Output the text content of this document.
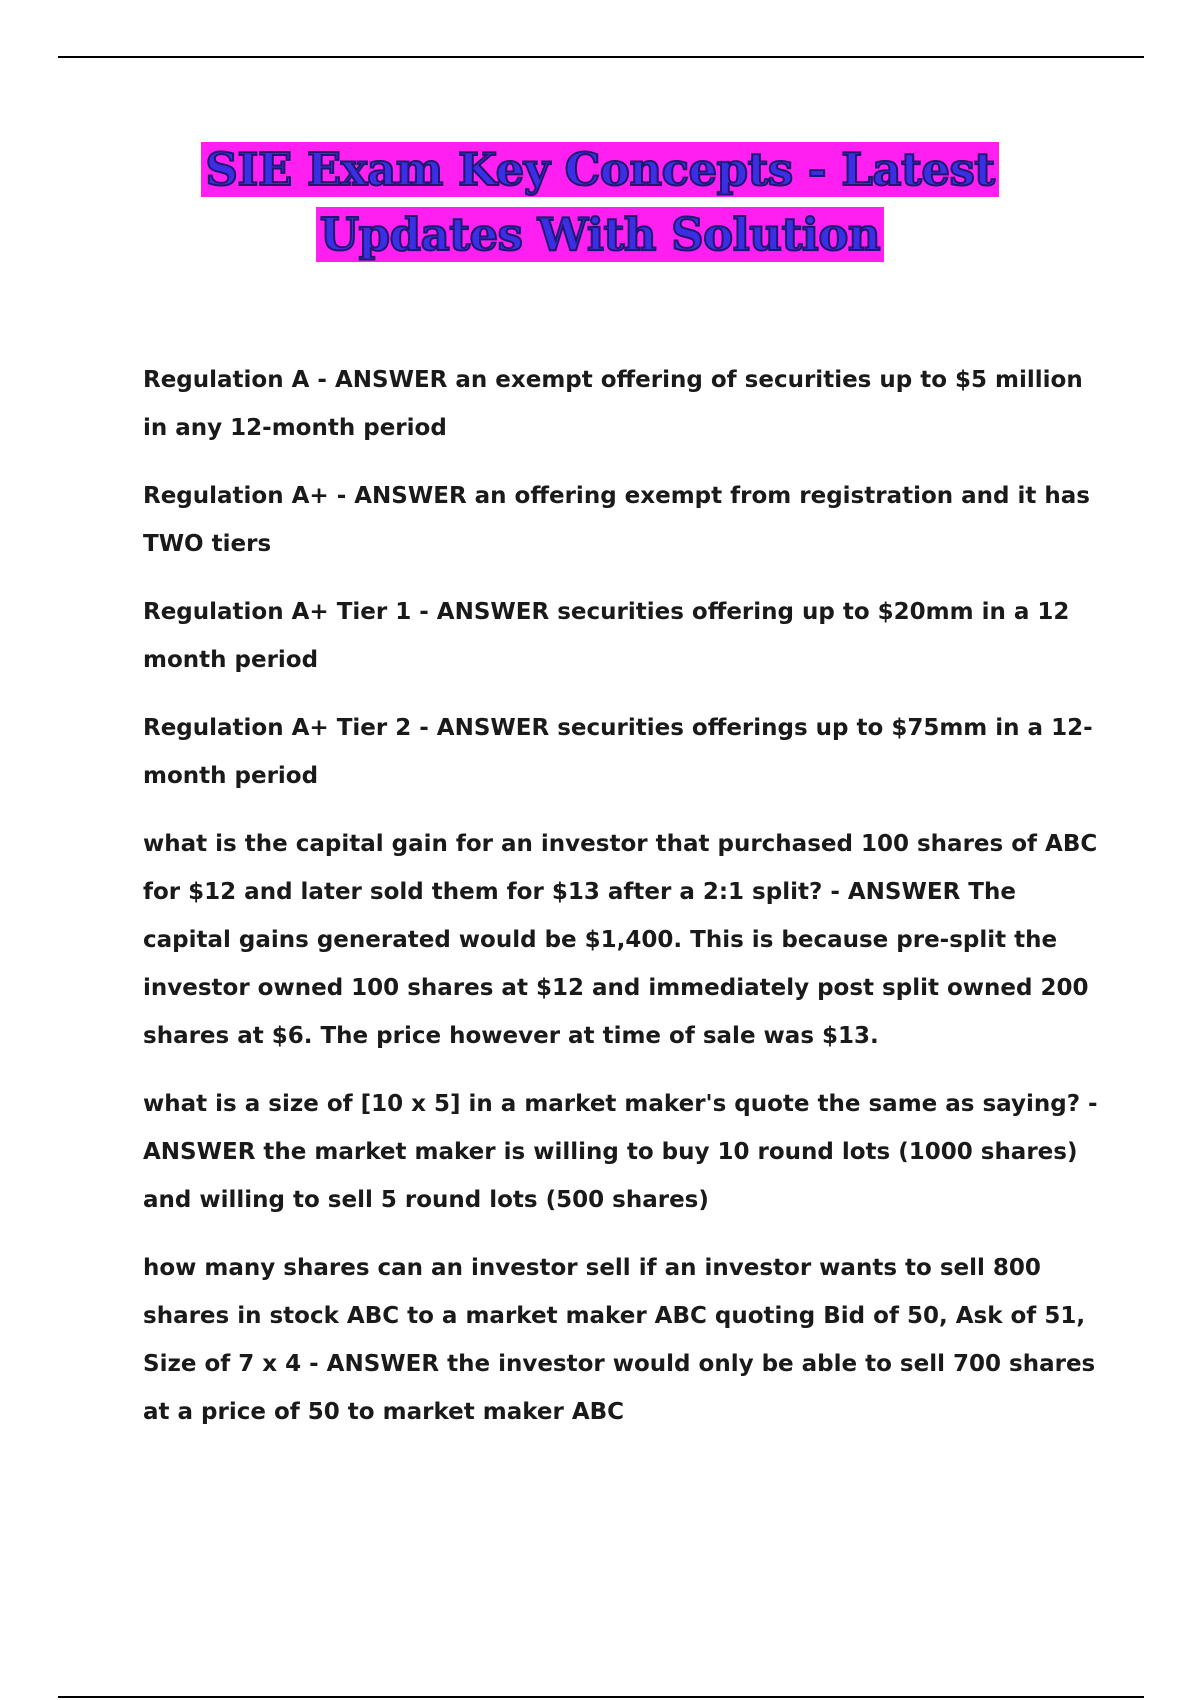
SIE Exam Key Concepts - Latest
Updates With Solution

Regulation A - ANSWER an exempt offering of securities up to $5 million in any 12-month period

Regulation A+ - ANSWER an offering exempt from registration and it has TWO tiers

Regulation A+ Tier 1 - ANSWER securities offering up to $20mm in a 12 month period

Regulation A+ Tier 2 - ANSWER securities offerings up to $75mm in a 12-month period

what is the capital gain for an investor that purchased 100 shares of ABC for $12 and later sold them for $13 after a 2:1 split? - ANSWER The capital gains generated would be $1,400. This is because pre-split the investor owned 100 shares at $12 and immediately post split owned 200 shares at $6. The price however at time of sale was $13.

what is a size of [10 x 5] in a market maker's quote the same as saying? - ANSWER the market maker is willing to buy 10 round lots (1000 shares) and willing to sell 5 round lots (500 shares)

how many shares can an investor sell if an investor wants to sell 800 shares in stock ABC to a market maker ABC quoting Bid of 50, Ask of 51, Size of 7 x 4 - ANSWER the investor would only be able to sell 700 shares at a price of 50 to market maker ABC
